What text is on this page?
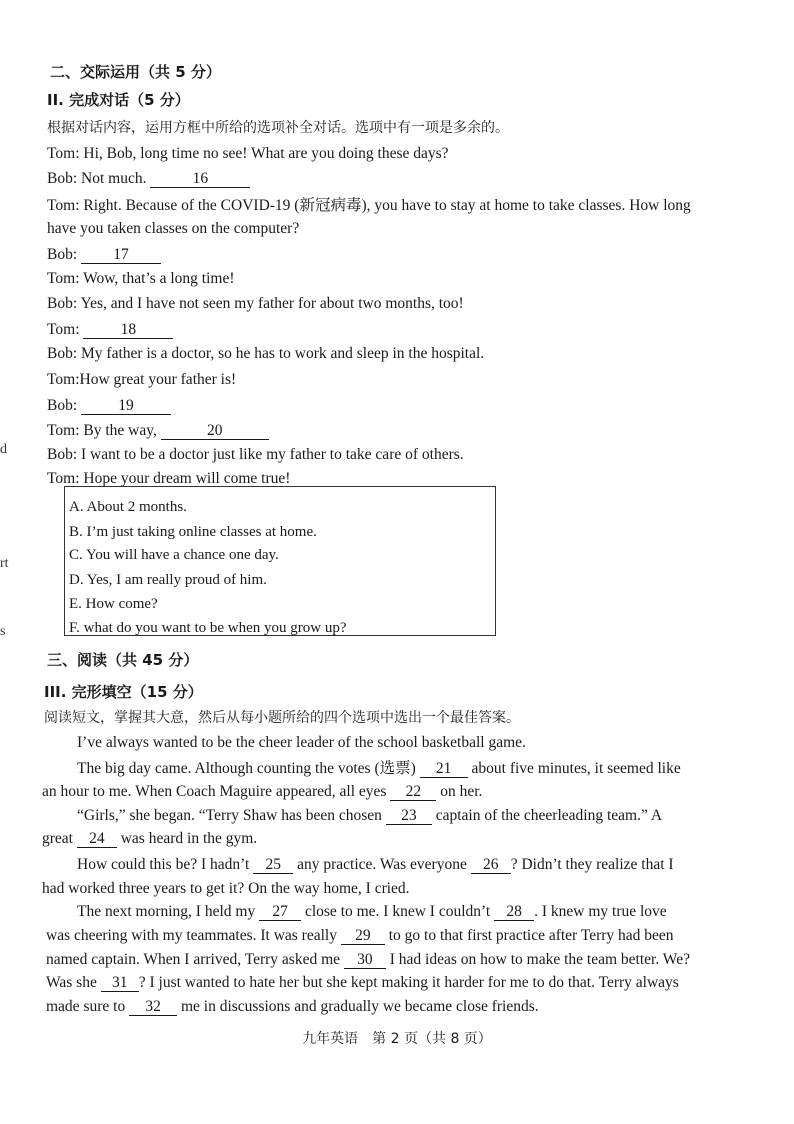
d
rt
s
二、交际运用（共 5 分）
II. 完成对话（5 分）
根据对话内容，运用方框中所给的选项补全对话。选项中有一项是多余的。
Tom: Hi, Bob, long time no see! What are you doing these days?
Bob: Not much.	16
Tom: Right. Because of the COVID-19 (新冠病毒), you have to stay at home to take classes. How long
have you taken classes on the computer?
Bob: 17
Tom: Wow, that’s a long time!
Bob: Yes, and I have not seen my father for about two months, too!
Tom: 18
Bob: My father is a doctor, so he has to work and sleep in the hospital.
Tom:How great your father is!
Bob: 19
Tom: By the way,	20
Bob: I want to be a doctor just like my father to take care of others.
Tom: Hope your dream will come true!
A. About 2 months.
B. I’m just taking online classes at home.
C. You will have a chance one day.
D. Yes, I am really proud of him.
E. How come?
F. what do you want to be when you grow up?
三、阅读（共 45 分）
III. 完形填空（15 分）
阅读短文，掌握其大意，然后从每小题所给的四个选项中选出一个最佳答案。
I’ve always wanted to be the cheer leader of the school basketball game.
The big day came. Although counting the votes (选票) 21 about five minutes, it seemed like
an hour to me. When Coach Maguire appeared, all eyes 22 on her.
“Girls,” she began. “Terry Shaw has been chosen 23 captain of the cheerleading team.” A
great 24 was heard in the gym.
How could this be? I hadn’t 25 any practice. Was everyone 26 ? Didn’t they realize that I
had worked three years to get it? On the way home, I cried.
The next morning, I held my 27 close to me. I knew I couldn’t 28 . I knew my true love
was cheering with my teammates. It was really 29 to go to that first practice after Terry had been
named captain. When I arrived, Terry asked me 30 I had ideas on how to make the team better. We?
Was she 31 ? I just wanted to hate her but she kept making it harder for me to do that. Terry always
made sure to 32 me in discussions and gradually we became close friends.
九年英语　第 2 页（共 8 页）
